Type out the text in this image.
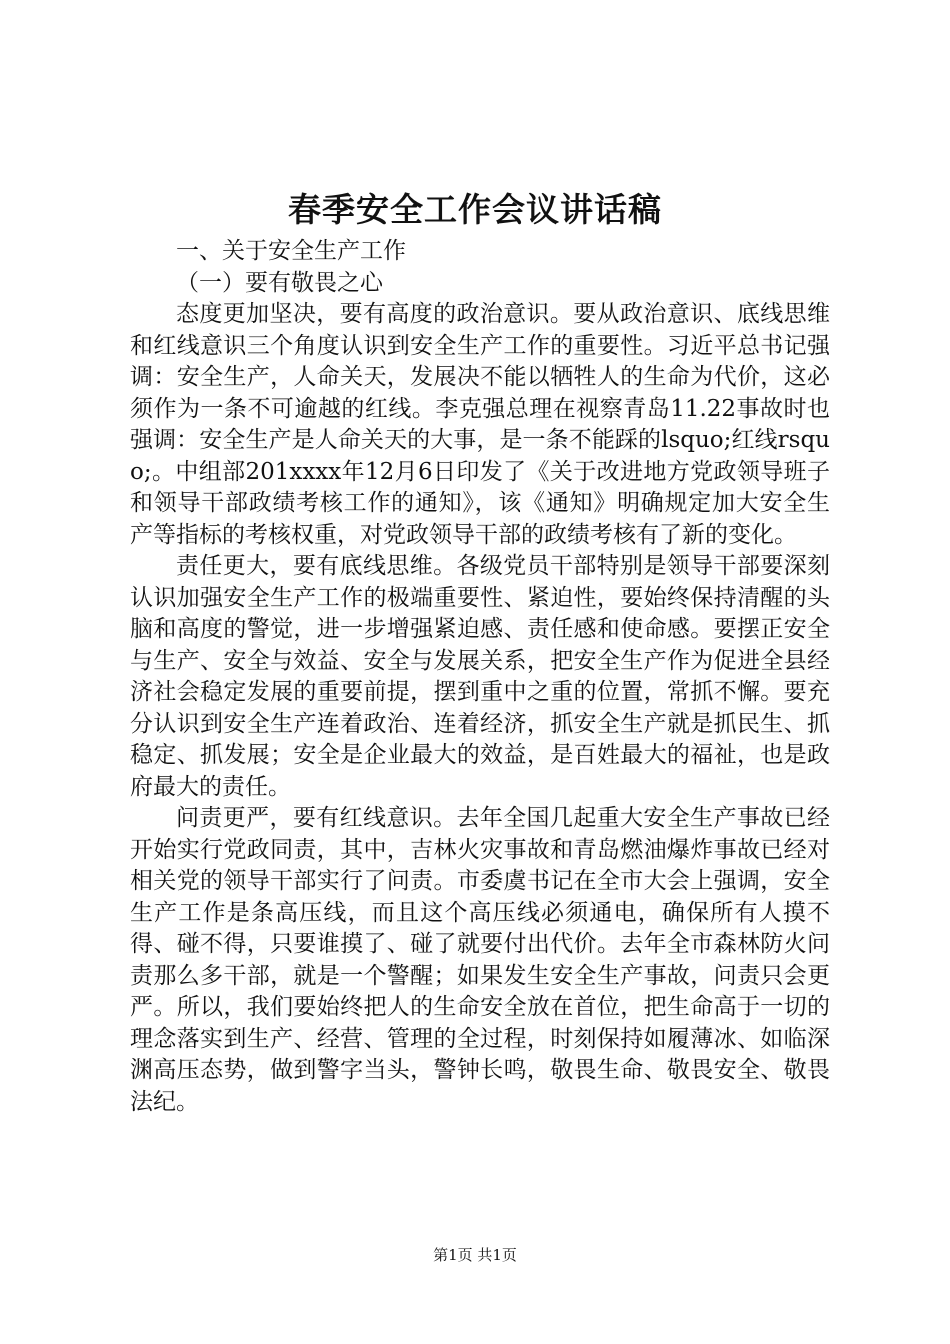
春季安全工作会议讲话稿

一、关于安全生产工作

（一）要有敬畏之心

态度更加坚决，要有高度的政治意识。要从政治意识、底线思维和红线意识三个角度认识到安全生产工作的重要性。习近平总书记强调：安全生产，人命关天，发展决不能以牺牲人的生命为代价，这必须作为一条不可逾越的红线。李克强总理在视察青岛11.22事故时也强调：安全生产是人命关天的大事，是一条不能踩的lsquo;红线rsquo;。中组部201xxxx年12月6日印发了《关于改进地方党政领导班子和领导干部政绩考核工作的通知》，该《通知》明确规定加大安全生产等指标的考核权重，对党政领导干部的政绩考核有了新的变化。

责任更大，要有底线思维。各级党员干部特别是领导干部要深刻认识加强安全生产工作的极端重要性、紧迫性，要始终保持清醒的头脑和高度的警觉，进一步增强紧迫感、责任感和使命感。要摆正安全与生产、安全与效益、安全与发展关系，把安全生产作为促进全县经济社会稳定发展的重要前提，摆到重中之重的位置，常抓不懈。要充分认识到安全生产连着政治、连着经济，抓安全生产就是抓民生、抓稳定、抓发展；安全是企业最大的效益，是百姓最大的福祉，也是政府最大的责任。

问责更严，要有红线意识。去年全国几起重大安全生产事故已经开始实行党政同责，其中，吉林火灾事故和青岛燃油爆炸事故已经对相关党的领导干部实行了问责。市委虞书记在全市大会上强调，安全生产工作是条高压线，而且这个高压线必须通电，确保所有人摸不得、碰不得，只要谁摸了、碰了就要付出代价。去年全市森林防火问责那么多干部，就是一个警醒；如果发生安全生产事故，问责只会更严。所以，我们要始终把人的生命安全放在首位，把生命高于一切的理念落实到生产、经营、管理的全过程，时刻保持如履薄冰、如临深渊高压态势，做到警字当头，警钟长鸣，敬畏生命、敬畏安全、敬畏法纪。

第1页 共1页
